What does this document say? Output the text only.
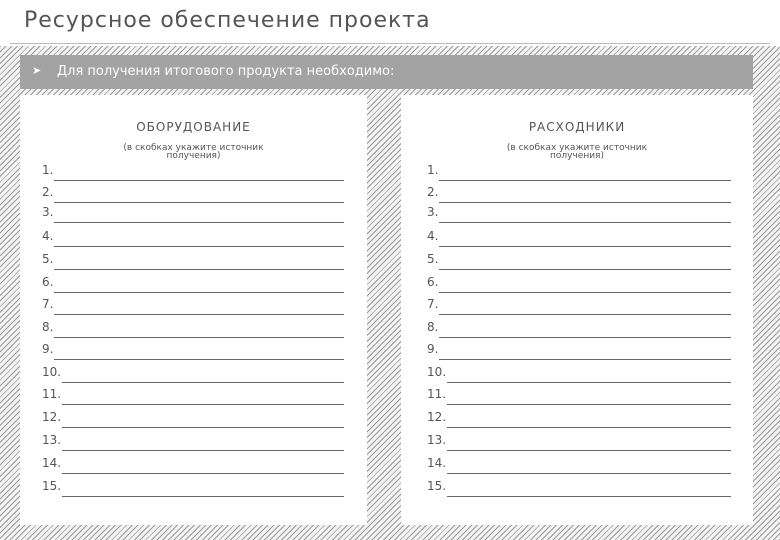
Ресурсное обеспечение проекта
➤ Для получения итогового продукта необходимо:
ОБОРУДОВАНИЕ
(в скобках укажите источник получения)
1.
2.
3.
4.
5.
6.
7.
8.
9.
10.
11.
12.
13.
14.
15.
РАСХОДНИКИ
(в скобках укажите источник получения)
1.
2.
3.
4.
5.
6.
7.
8.
9.
10.
11.
12.
13.
14.
15.
